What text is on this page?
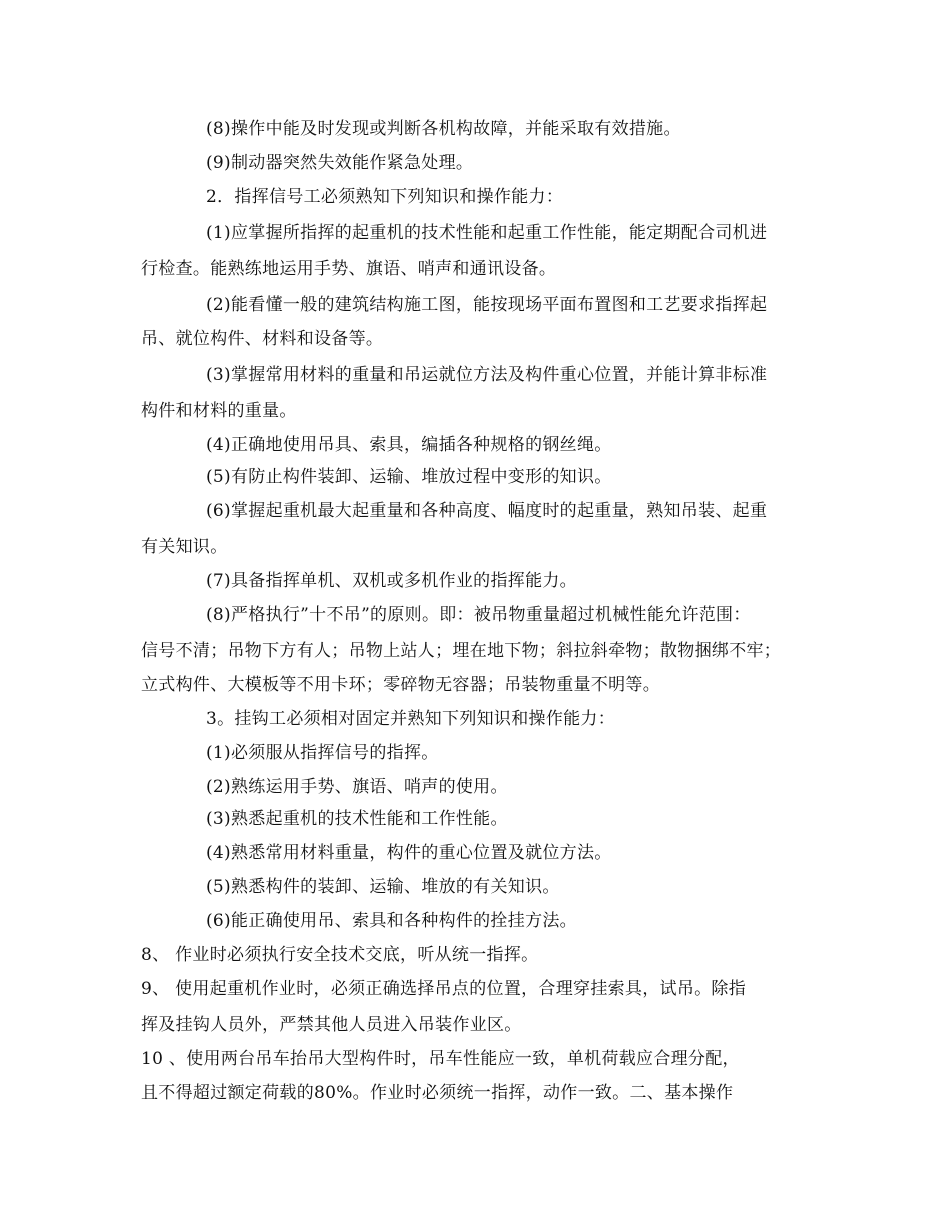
(8)操作中能及时发现或判断各机构故障，并能采取有效措施。
(9)制动器突然失效能作紧急处理。
2．指挥信号工必须熟知下列知识和操作能力：
(1)应掌握所指挥的起重机的技术性能和起重工作性能，能定期配合司机进
行检查。能熟练地运用手势、旗语、哨声和通讯设备。
(2)能看懂一般的建筑结构施工图，能按现场平面布置图和工艺要求指挥起
吊、就位构件、材料和设备等。
(3)掌握常用材料的重量和吊运就位方法及构件重心位置，并能计算非标准
构件和材料的重量。
(4)正确地使用吊具、索具，编插各种规格的钢丝绳。
(5)有防止构件装卸、运输、堆放过程中变形的知识。
(6)掌握起重机最大起重量和各种高度、幅度时的起重量，熟知吊装、起重
有关知识。
(7)具备指挥单机、双机或多机作业的指挥能力。
(8)严格执行”十不吊”的原则。即：被吊物重量超过机械性能允许范围：
信号不清；吊物下方有人；吊物上站人；埋在地下物；斜拉斜牵物；散物捆绑不牢；
立式构件、大模板等不用卡环；零碎物无容器；吊装物重量不明等。
3。挂钩工必须相对固定并熟知下列知识和操作能力：
(1)必须服从指挥信号的指挥。
(2)熟练运用手势、旗语、哨声的使用。
(3)熟悉起重机的技术性能和工作性能。
(4)熟悉常用材料重量，构件的重心位置及就位方法。
(5)熟悉构件的装卸、运输、堆放的有关知识。
(6)能正确使用吊、索具和各种构件的拴挂方法。
8、 作业时必须执行安全技术交底，听从统一指挥。
9、 使用起重机作业时，必须正确选择吊点的位置，合理穿挂索具，试吊。除指
挥及挂钩人员外，严禁其他人员进入吊装作业区。
10 、使用两台吊车抬吊大型构件时，吊车性能应一致，单机荷载应合理分配，
且不得超过额定荷载的80%。作业时必须统一指挥，动作一致。二、基本操作
